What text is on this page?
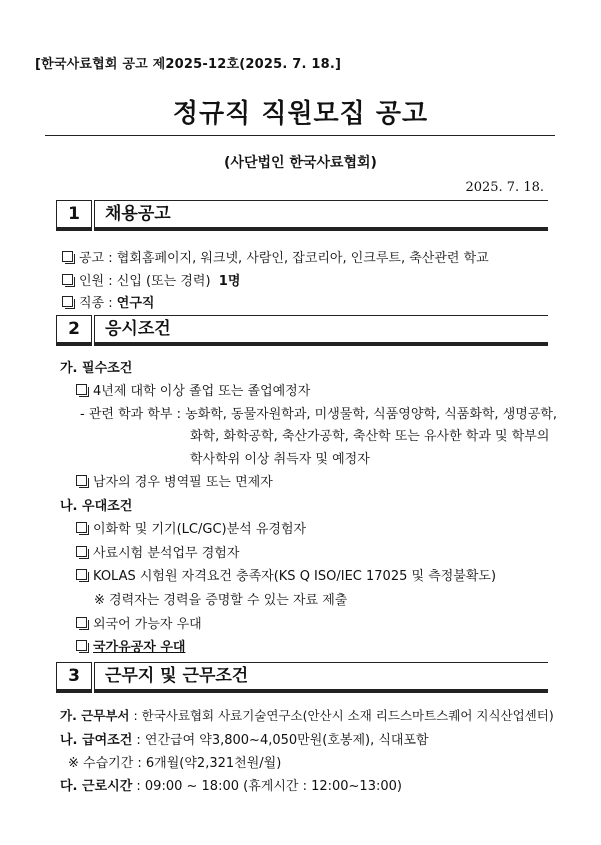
[한국사료협회 공고 제2025-12호(2025. 7. 18.]
정규직 직원모집 공고
(사단법인 한국사료협회)
2025. 7. 18.
1	채용공고
공고 : 협회홈페이지, 워크넷, 사람인, 잡코리아, 인크루트, 축산관련 학교
인원 : 신입 (또는 경력) 1명
직종 : 연구직
2	응시조건
가. 필수조건
4년제 대학 이상 졸업 또는 졸업예정자
- 관련 학과 학부 : 농화학, 동물자원학과, 미생물학, 식품영양학, 식품화학, 생명공학,
화학, 화학공학, 축산가공학, 축산학 또는 유사한 학과 및 학부의
학사학위 이상 취득자 및 예정자
남자의 경우 병역필 또는 면제자
나. 우대조건
이화학 및 기기(LC/GC)분석 유경험자
사료시험 분석업무 경험자
KOLAS 시험원 자격요건 충족자(KS Q ISO/IEC 17025 및 측정불확도)
※ 경력자는 경력을 증명할 수 있는 자료 제출
외국어 가능자 우대
국가유공자 우대
3	근무지 및 근무조건
가. 근무부서 : 한국사료협회 사료기술연구소(안산시 소재 리드스마트스퀘어 지식산업센터)
나. 급여조건 : 연간급여 약3,800~4,050만원(호봉제), 식대포함
※ 수습기간 : 6개월(약2,321천원/월)
다. 근로시간 : 09:00 ~ 18:00 (휴게시간 : 12:00~13:00)
